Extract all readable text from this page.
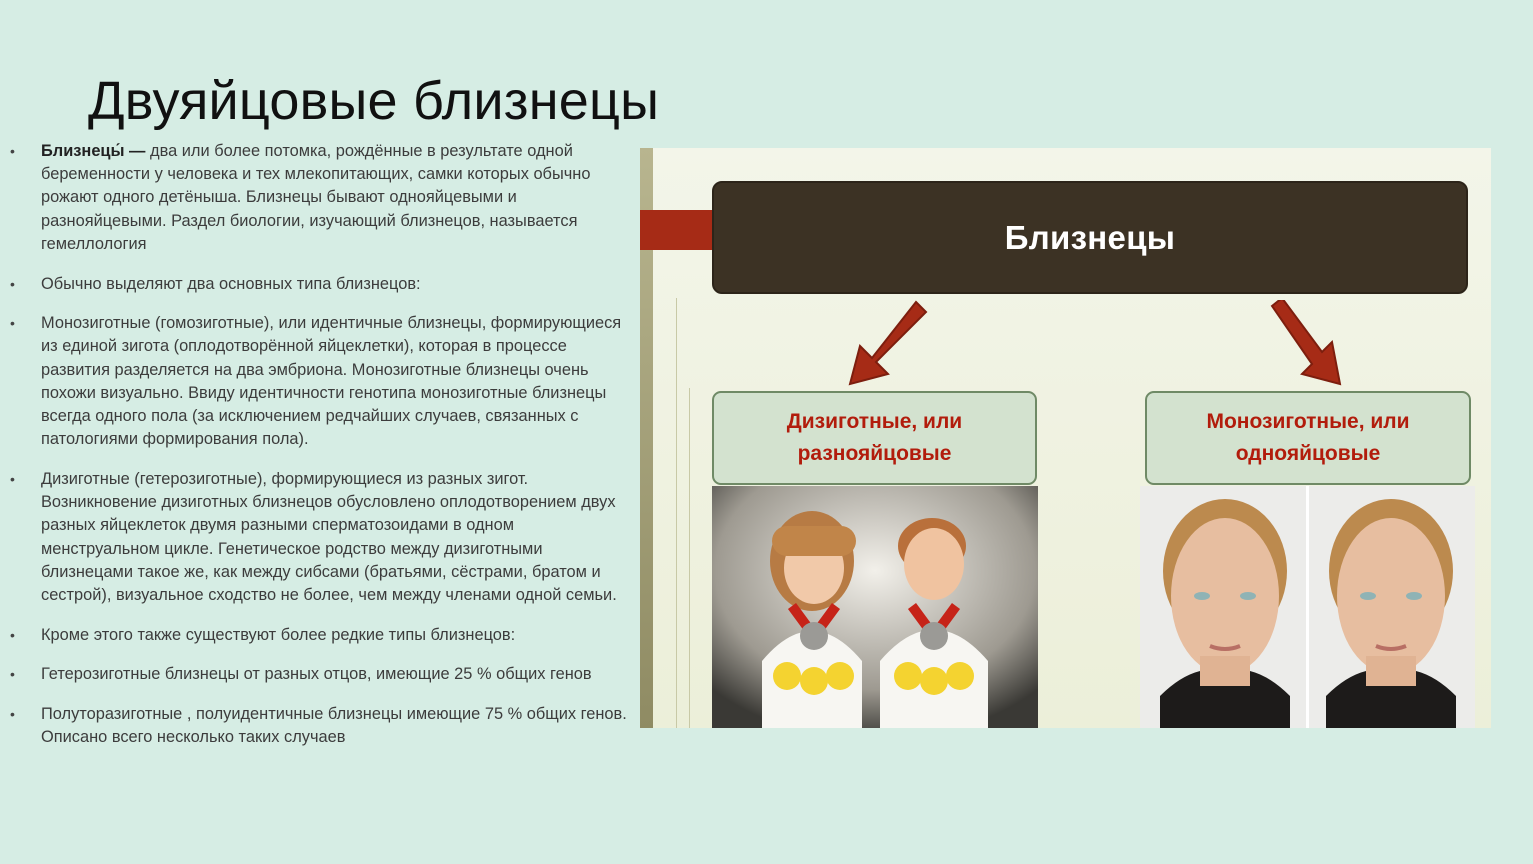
Двуяйцовые близнецы
• Близнецы́ — два или более потомка, рождённые в результате одной беременности у человека и тех млекопитающих, самки которых обычно рожают одного детёныша. Близнецы бывают однояйцевыми и разнояйцевыми. Раздел биологии, изучающий близнецов, называется гемеллология
• Обычно выделяют два основных типа близнецов:
• Монозиготные (гомозиготные), или идентичные близнецы, формирующиеся из единой зигота (оплодотворённой яйцеклетки), которая в процессе развития разделяется на два эмбриона. Монозиготные близнецы очень похожи визуально. Ввиду идентичности генотипа монозиготные близнецы всегда одного пола (за исключением редчайших случаев, связанных с патологиями формирования пола).
• Дизиготные (гетерозиготные), формирующиеся из разных зигот. Возникновение дизиготных близнецов обусловлено оплодотворением двух разных яйцеклеток двумя разными сперматозоидами в одном менструальном цикле. Генетическое родство между дизиготными близнецами такое же, как между сибсами (братьями, сёстрами, братом и сестрой), визуальное сходство не более, чем между членами одной семьи.
• Кроме этого также существуют более редкие типы близнецов:
• Гетерозиготные близнецы от разных отцов, имеющие 25 % общих генов
• Полуторазиготные , полуидентичные близнецы имеющие 75 % общих генов. Описано всего несколько таких случаев
Близнецы
Дизиготные, или разнояйцовые
Монозиготные, или
однояйцовые
